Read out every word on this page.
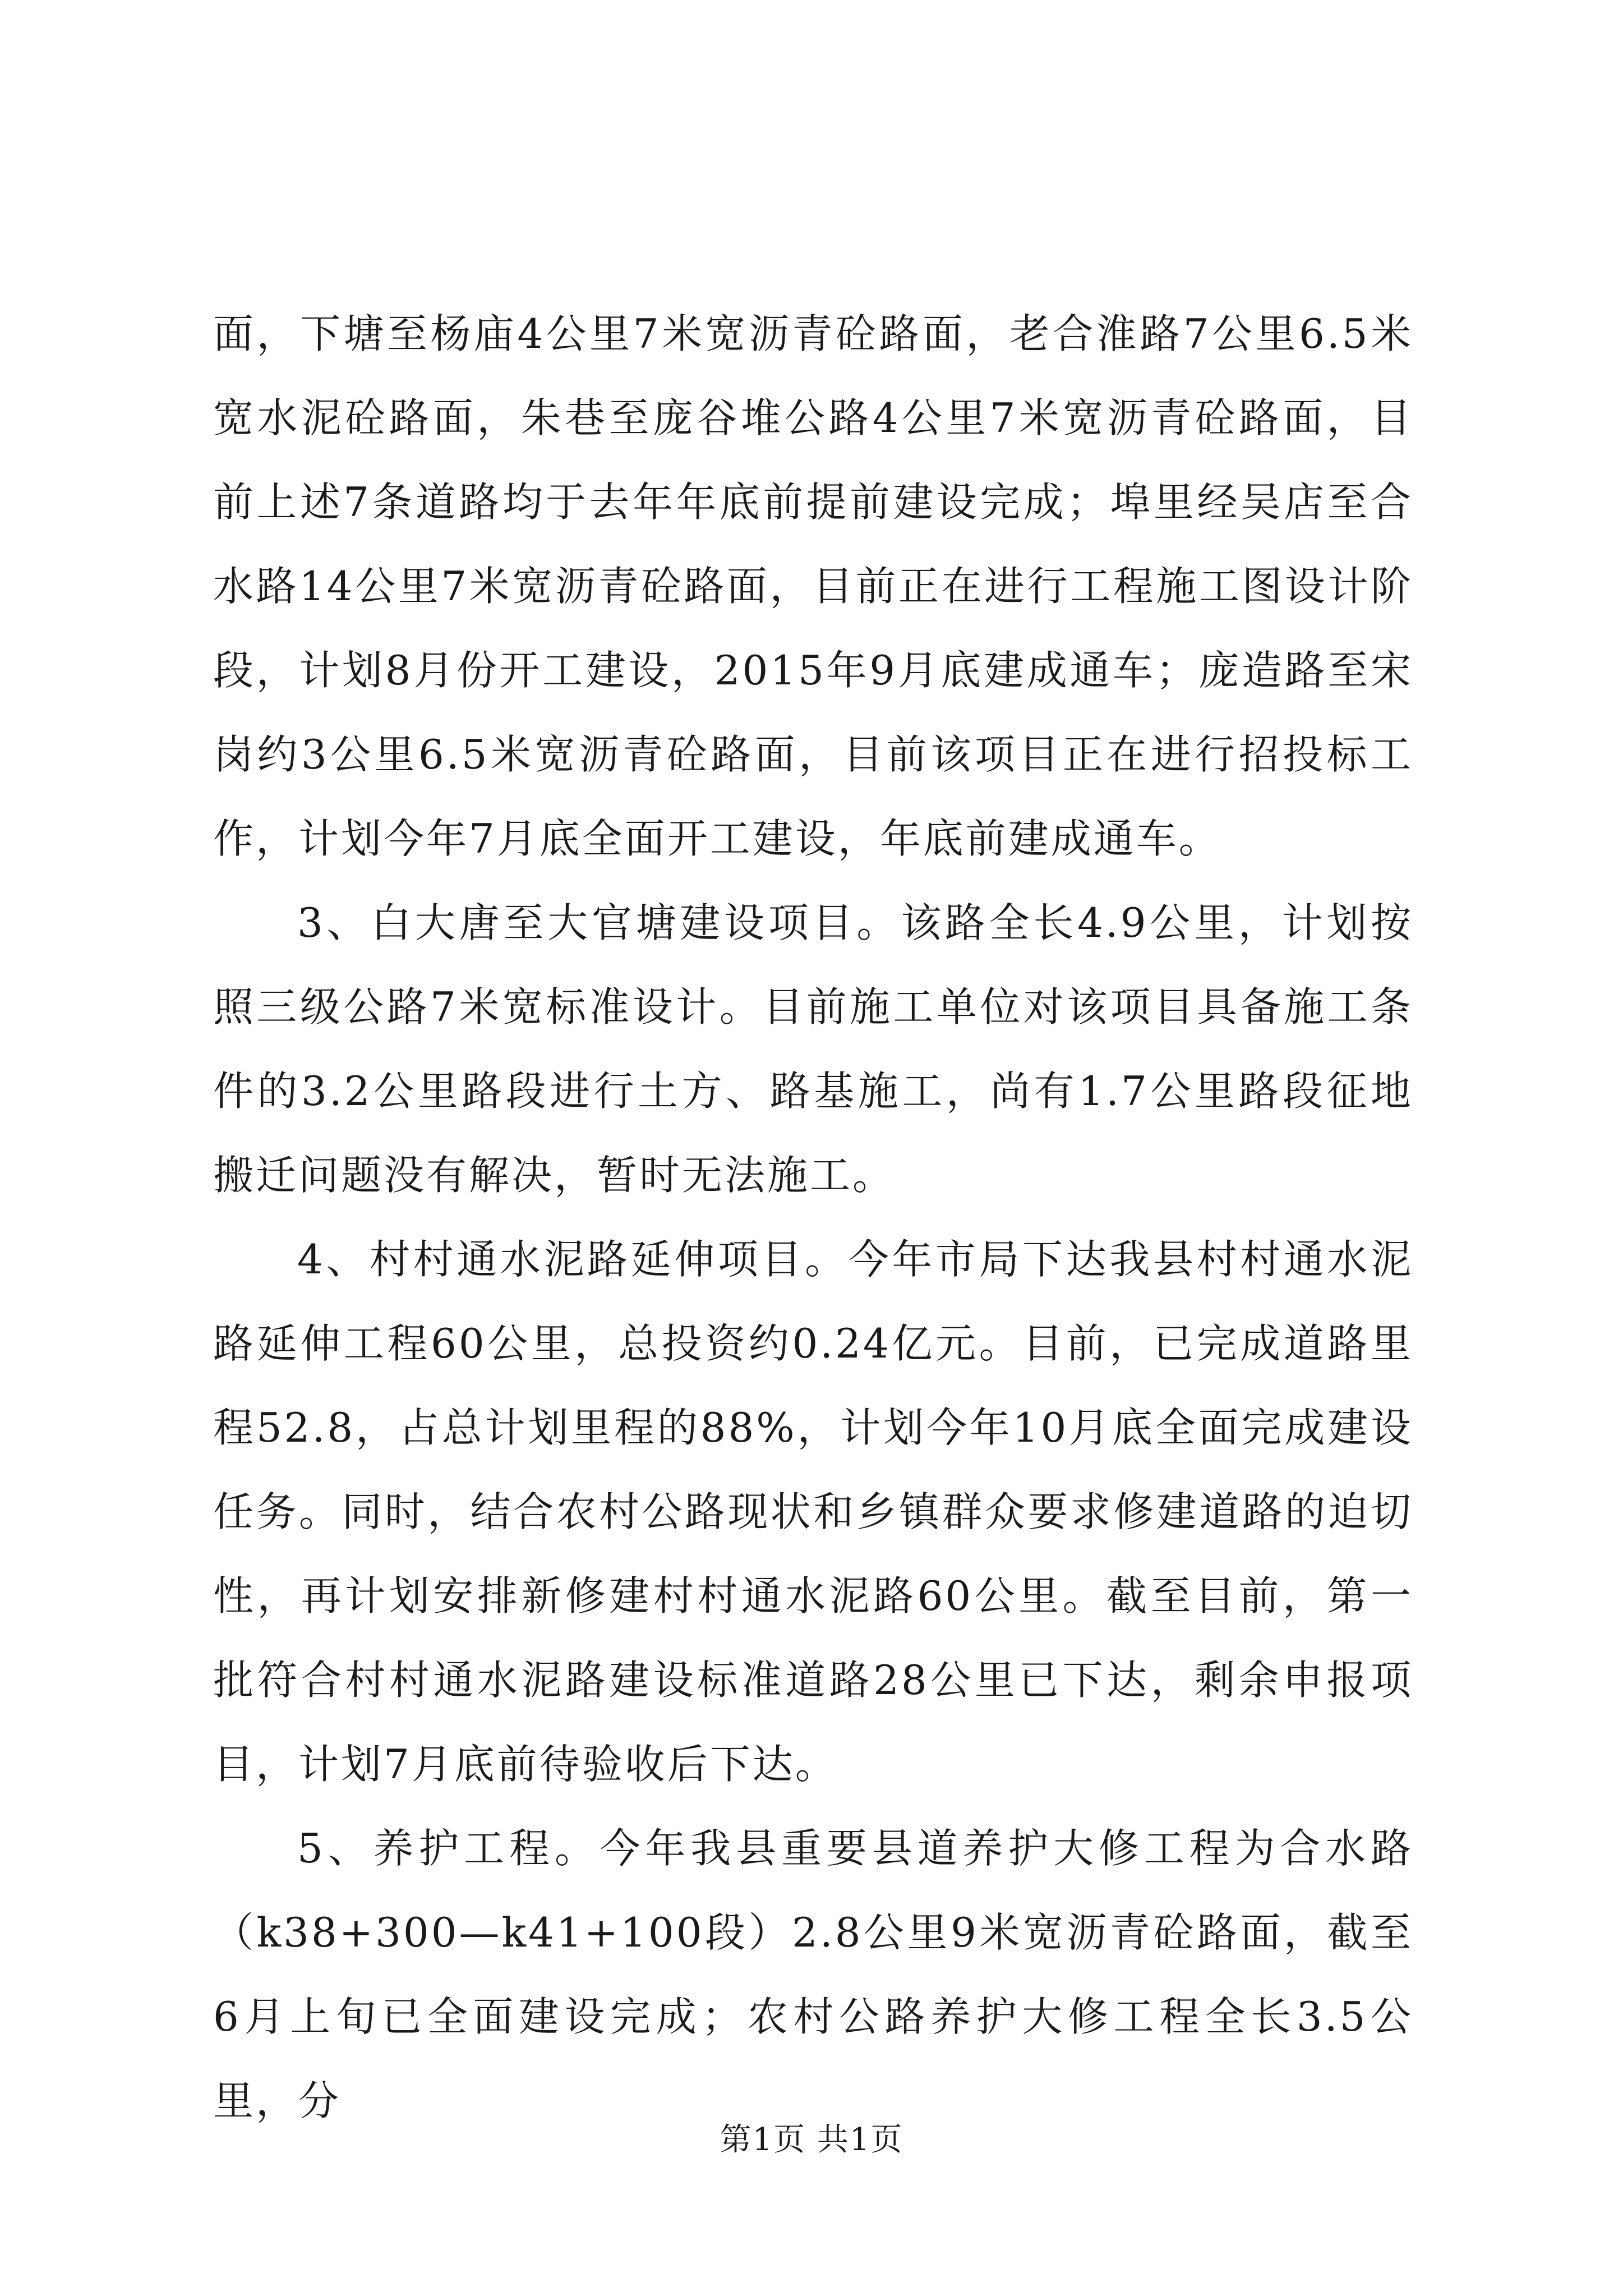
面，下塘至杨庙4公里7米宽沥青砼路面，老合淮路7公里6.5米宽水泥砼路面，朱巷至庞谷堆公路4公里7米宽沥青砼路面，目前上述7条道路均于去年年底前提前建设完成；埠里经吴店至合水路14公里7米宽沥青砼路面，目前正在进行工程施工图设计阶段，计划8月份开工建设，2015年9月底建成通车；庞造路至宋岗约3公里6.5米宽沥青砼路面，目前该项目正在进行招投标工作，计划今年7月底全面开工建设，年底前建成通车。

3、白大唐至大官塘建设项目。该路全长4.9公里，计划按照三级公路7米宽标准设计。目前施工单位对该项目具备施工条件的3.2公里路段进行土方、路基施工，尚有1.7公里路段征地搬迁问题没有解决，暂时无法施工。

4、村村通水泥路延伸项目。今年市局下达我县村村通水泥路延伸工程60公里，总投资约0.24亿元。目前，已完成道路里程52.8，占总计划里程的88%，计划今年10月底全面完成建设任务。同时，结合农村公路现状和乡镇群众要求修建道路的迫切性，再计划安排新修建村村通水泥路60公里。截至目前，第一批符合村村通水泥路建设标准道路28公里已下达，剩余申报项目，计划7月底前待验收后下达。

5、养护工程。今年我县重要县道养护大修工程为合水路（k38+300—k41+100段）2.8公里9米宽沥青砼路面，截至6月上旬已全面建设完成；农村公路养护大修工程全长3.5公里，分

第1页 共1页
